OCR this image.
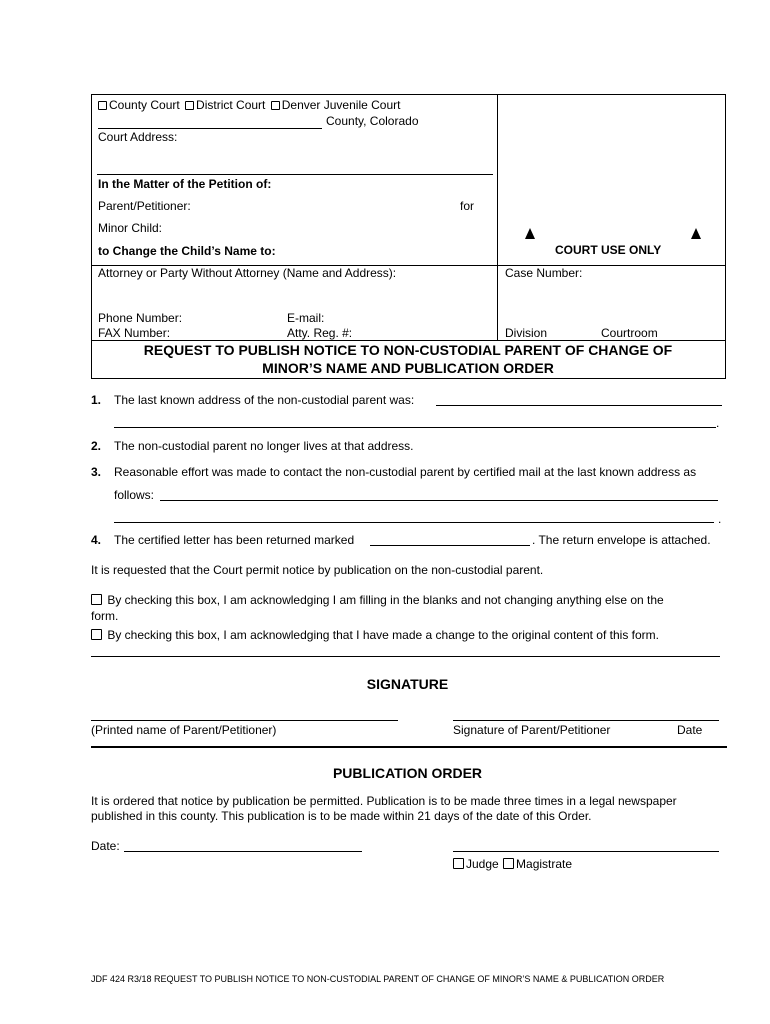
County Court District Court Denver Juvenile Court
County, Colorado
Court Address:
In the Matter of the Petition of:
Parent/Petitioner:	for
Minor Child:
to Change the Child’s Name to:	COURT USE ONLY
Attorney or Party Without Attorney (Name and Address):	Case Number:
Phone Number:	E-mail:
FAX Number:	Atty. Reg. #:	Division	Courtroom
REQUEST TO PUBLISH NOTICE TO NON-CUSTODIAL PARENT OF CHANGE OF
MINOR’S NAME AND PUBLICATION ORDER
1. The last known address of the non-custodial parent was:
.
2. The non-custodial parent no longer lives at that address.
3. Reasonable effort was made to contact the non-custodial parent by certified mail at the last known address as
follows:
.
4. The certified letter has been returned marked	. The return envelope is attached.
It is requested that the Court permit notice by publication on the non-custodial parent.
By checking this box, I am acknowledging I am filling in the blanks and not changing anything else on the
form.
By checking this box, I am acknowledging that I have made a change to the original content of this form.
SIGNATURE
(Printed name of Parent/Petitioner)	Signature of Parent/Petitioner	Date
PUBLICATION ORDER
It is ordered that notice by publication be permitted. Publication is to be made three times in a legal newspaper
published in this county. This publication is to be made within 21 days of the date of this Order.
Date:
Judge Magistrate
JDF 424 R3/18 REQUEST TO PUBLISH NOTICE TO NON-CUSTODIAL PARENT OF CHANGE OF MINOR’S NAME & PUBLICATION ORDER
